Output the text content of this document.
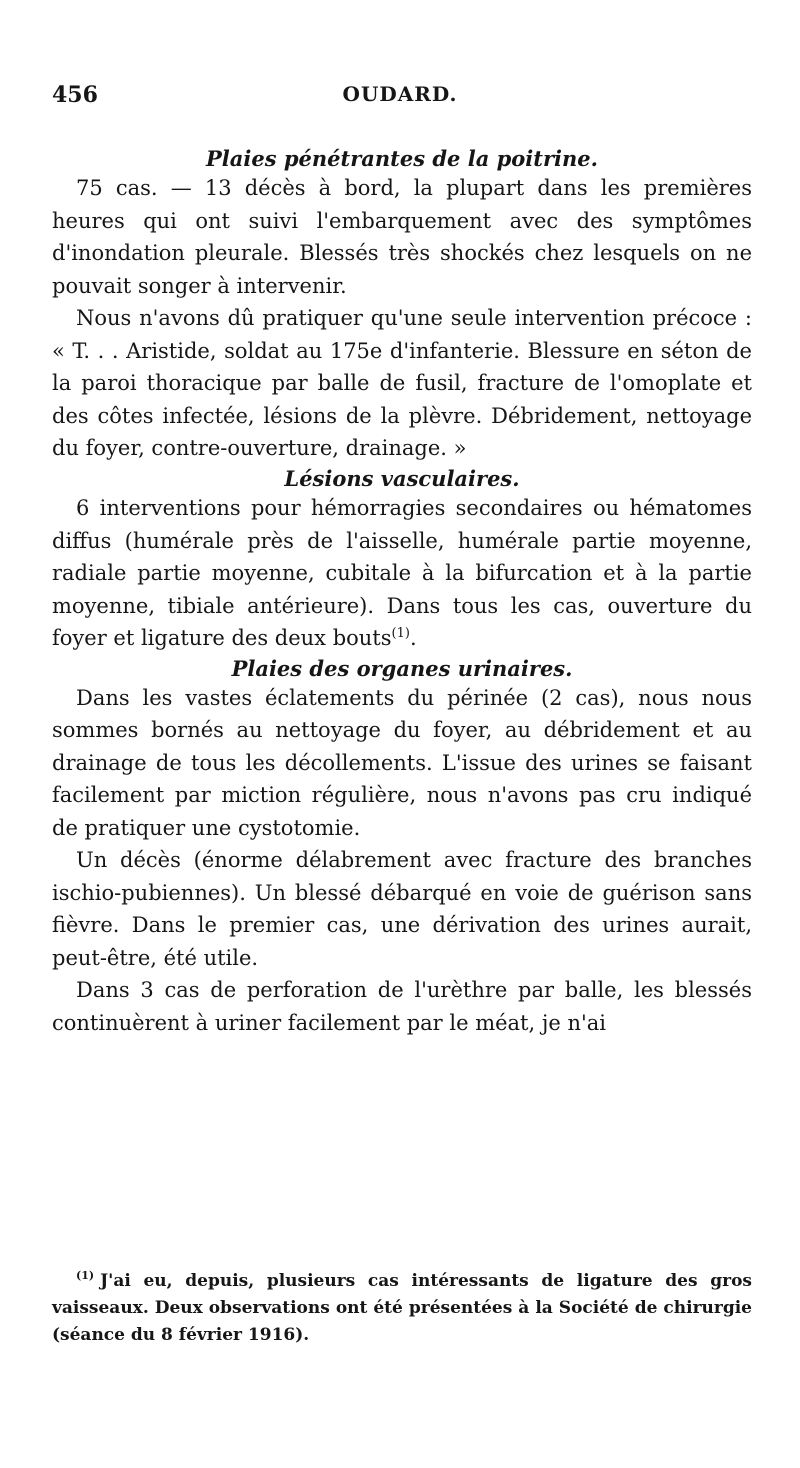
456	OUDARD.
Plaies pénétrantes de la poitrine.

75 cas. — 13 décès à bord, la plupart dans les premières heures qui ont suivi l'embarquement avec des symptômes d'inondation pleurale. Blessés très shockés chez lesquels on ne pouvait songer à intervenir.

Nous n'avons dû pratiquer qu'une seule intervention précoce : « T. . . Aristide, soldat au 175e d'infanterie. Blessure en séton de la paroi thoracique par balle de fusil, fracture de l'omoplate et des côtes infectée, lésions de la plèvre. Débridement, nettoyage du foyer, contre-ouverture, drainage. »

Lésions vasculaires.

6 interventions pour hémorragies secondaires ou hématomes diffus (humérale près de l'aisselle, humérale partie moyenne, radiale partie moyenne, cubitale à la bifurcation et à la partie moyenne, tibiale antérieure). Dans tous les cas, ouverture du foyer et ligature des deux bouts$^{(1)}$.

Plaies des organes urinaires.

Dans les vastes éclatements du périnée (2 cas), nous nous sommes bornés au nettoyage du foyer, au débridement et au drainage de tous les décollements. L'issue des urines se faisant facilement par miction régulière, nous n'avons pas cru indiqué de pratiquer une cystotomie.

Un décès (énorme délabrement avec fracture des branches ischio-pubiennes). Un blessé débarqué en voie de guérison sans fièvre. Dans le premier cas, une dérivation des urines aurait, peut-être, été utile.

Dans 3 cas de perforation de l'urèthre par balle, les blessés continuèrent à uriner facilement par le méat, je n'ai

$^{(1)}$ J'ai eu, depuis, plusieurs cas intéressants de ligature des gros vaisseaux. Deux observations ont été présentées à la Société de chirurgie (séance du 8 février 1916).
